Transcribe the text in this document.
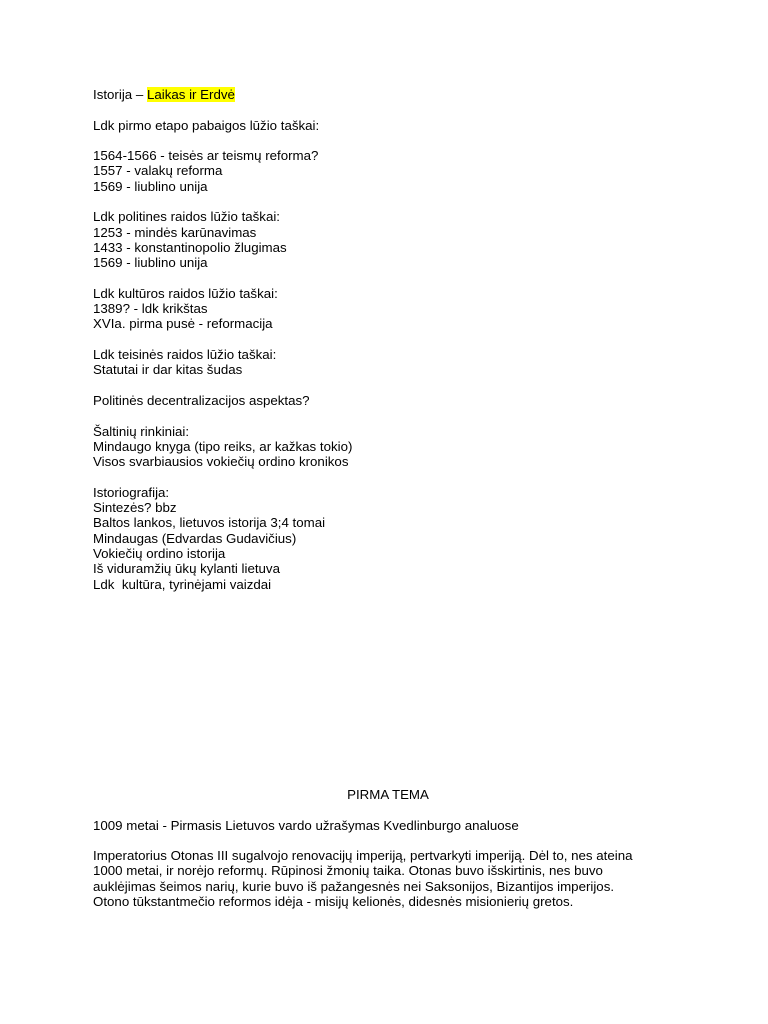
Istorija – Laikas ir Erdvė
Ldk pirmo etapo pabaigos lūžio taškai:
1564-1566 - teisės ar teismų reforma?
1557 - valakų reforma
1569 - liublino unija
Ldk politines raidos lūžio taškai:
1253 - mindės karūnavimas
1433 - konstantinopolio žlugimas
1569 - liublino unija
Ldk kultūros raidos lūžio taškai:
1389? - ldk krikštas
XVIa. pirma pusė - reformacija
Ldk teisinės raidos lūžio taškai:
Statutai ir dar kitas šudas
Politinės decentralizacijos aspektas?
Šaltinių rinkiniai:
Mindaugo knyga (tipo reiks, ar kažkas tokio)
Visos svarbiausios vokiečių ordino kronikos
Istoriografija:
Sintezės? bbz
Baltos lankos, lietuvos istorija 3;4 tomai
Mindaugas (Edvardas Gudavičius)
Vokiečių ordino istorija
Iš viduramžių ūkų kylanti lietuva
Ldk  kultūra, tyrinėjami vaizdai
PIRMA TEMA
1009 metai - Pirmasis Lietuvos vardo užrašymas Kvedlinburgo analuose
Imperatorius Otonas III sugalvojo renovacijų imperiją, pertvarkyti imperiją. Dėl to, nes ateina
1000 metai, ir norėjo reformų. Rūpinosi žmonių taika. Otonas buvo išskirtinis, nes buvo
auklėjimas šeimos narių, kurie buvo iš pažangesnės nei Saksonijos, Bizantijos imperijos.
Otono tūkstantmečio reformos idėja - misijų kelionės, didesnės misionierių gretos.
